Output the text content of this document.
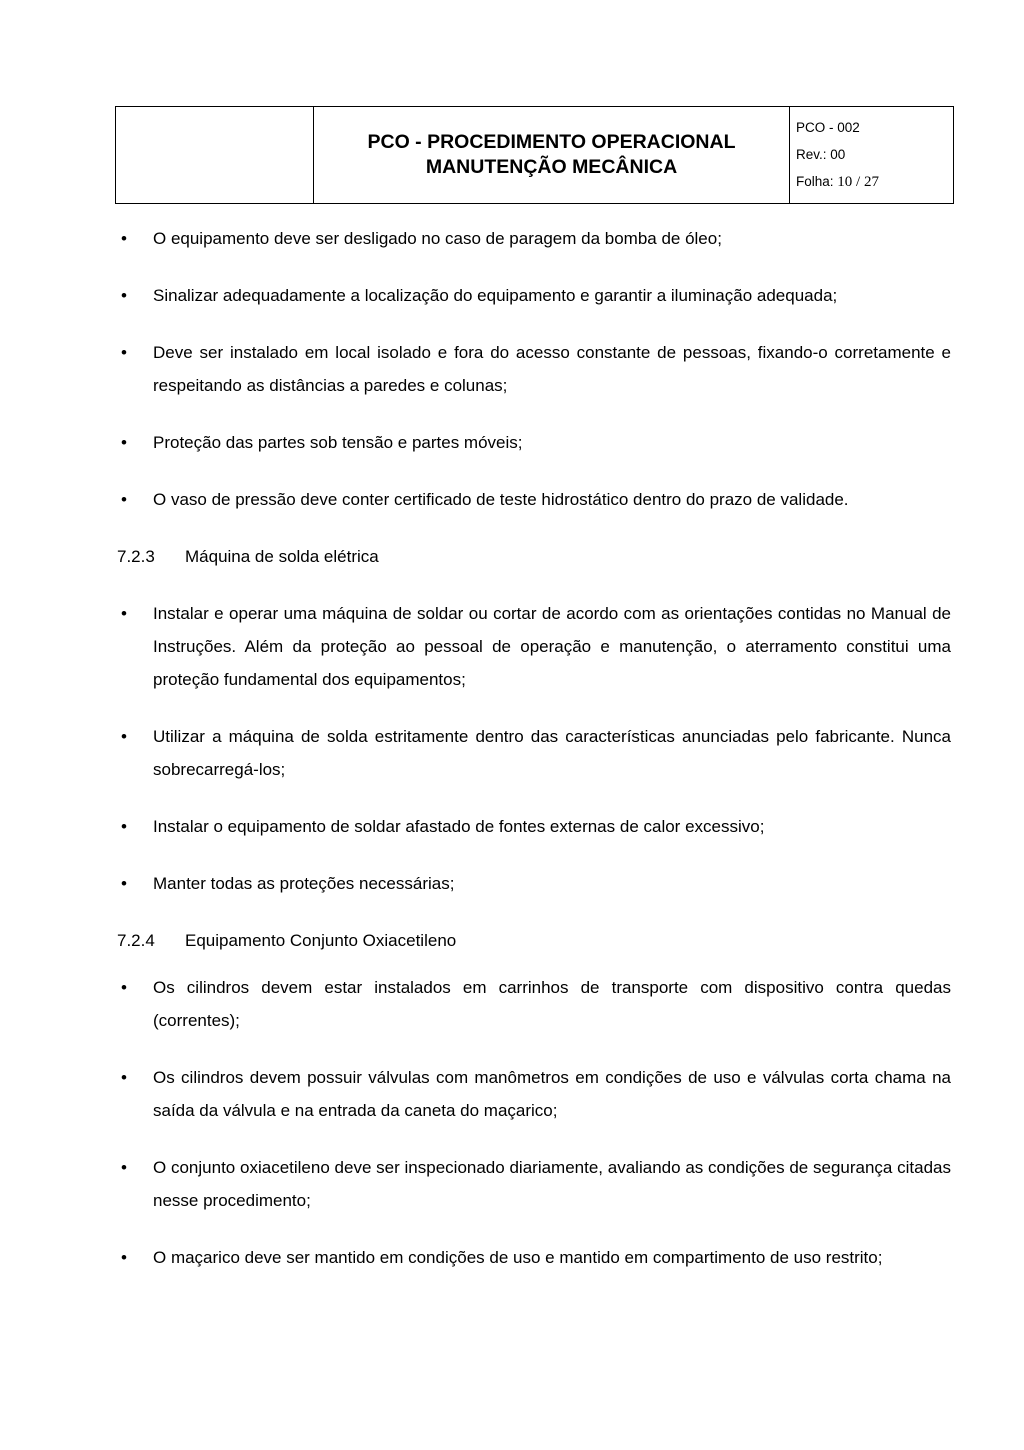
PCO - PROCEDIMENTO OPERACIONAL
MANUTENÇÃO MECÂNICA
PCO - 002
Rev.: 00
Folha: 10 / 27
• O equipamento deve ser desligado no caso de paragem da bomba de óleo;
• Sinalizar adequadamente a localização do equipamento e garantir a iluminação adequada;
• Deve ser instalado em local isolado e fora do acesso constante de pessoas, fixando-o corretamente e respeitando as distâncias a paredes e colunas;
• Proteção das partes sob tensão e partes móveis;
• O vaso de pressão deve conter certificado de teste hidrostático dentro do prazo de validade.
7.2.3	Máquina de solda elétrica
• Instalar e operar uma máquina de soldar ou cortar de acordo com as orientações contidas no Manual de Instruções. Além da proteção ao pessoal de operação e manutenção, o aterramento constitui uma proteção fundamental dos equipamentos;
• Utilizar a máquina de solda estritamente dentro das características anunciadas pelo fabricante. Nunca sobrecarregá-los;
• Instalar o equipamento de soldar afastado de fontes externas de calor excessivo;
• Manter todas as proteções necessárias;
7.2.4	Equipamento Conjunto Oxiacetileno
• Os cilindros devem estar instalados em carrinhos de transporte com dispositivo contra quedas (correntes);
• Os cilindros devem possuir válvulas com manômetros em condições de uso e válvulas corta chama na saída da válvula e na entrada da caneta do maçarico;
• O conjunto oxiacetileno deve ser inspecionado diariamente, avaliando as condições de segurança citadas nesse procedimento;
• O maçarico deve ser mantido em condições de uso e mantido em compartimento de uso restrito;
